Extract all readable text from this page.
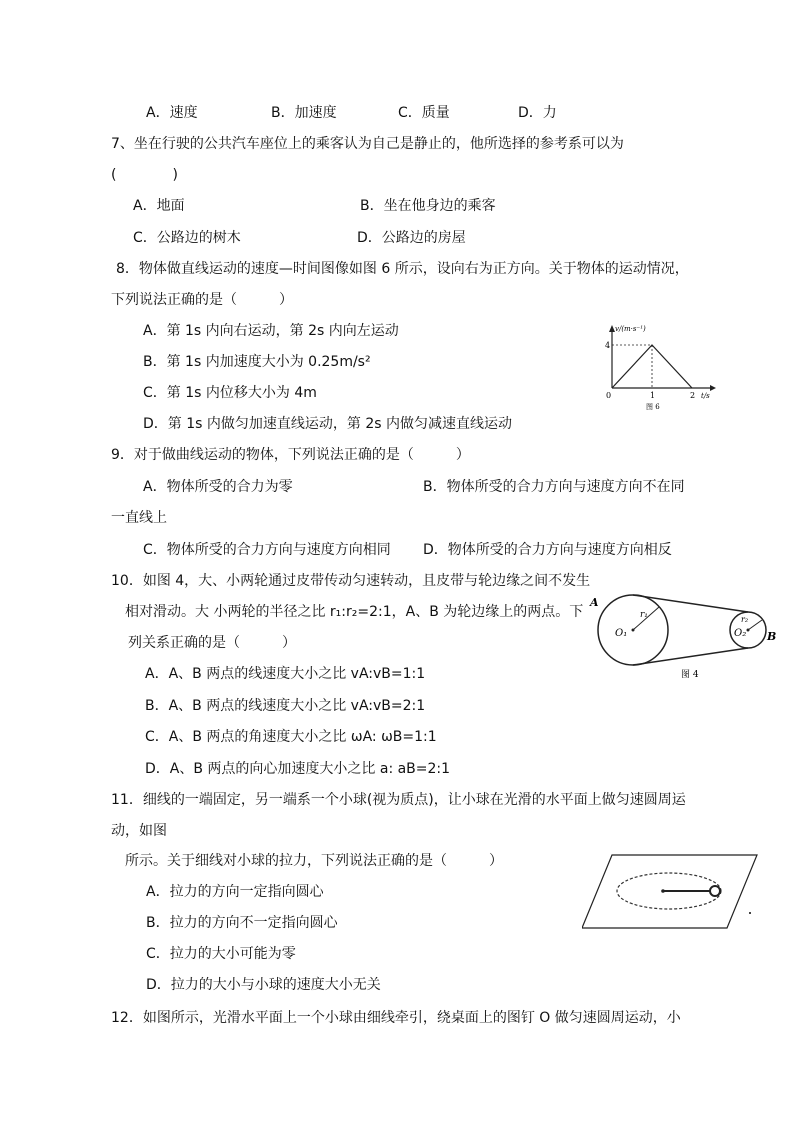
A．速度	B．加速度	C．质量	D．力
7、坐在行驶的公共汽车座位上的乘客认为自己是静止的，他所选择的参考系可以为
(　　　　)
A．地面	B．坐在他身边的乘客
C．公路边的树木	D．公路边的房屋
8．物体做直线运动的速度—时间图像如图 6 所示，设向右为正方向。关于物体的运动情况，
下列说法正确的是（　　　）
A．第 1s 内向右运动，第 2s 内向左运动
B．第 1s 内加速度大小为 0.25m/s²
C．第 1s 内位移大小为 4m
D．第 1s 内做匀加速直线运动，第 2s 内做匀减速直线运动
v/(m·s⁻¹)
4
0	1	2 t/s
图 6
9．对于做曲线运动的物体，下列说法正确的是（　　　）
A．物体所受的合力为零	B．物体所受的合力方向与速度方向不在同
一直线上
C．物体所受的合力方向与速度方向相同 D．物体所受的合力方向与速度方向相反
10．如图 4，大、小两轮通过皮带传动匀速转动，且皮带与轮边缘之间不发生
相对滑动。大 小两轮的半径之比 r₁:r₂=2:1，A、B 为轮边缘上的两点。下
列关系正确的是（　　　）
A．A、B 两点的线速度大小之比 vA:vB=1:1
B．A、B 两点的线速度大小之比 vA:vB=2:1
C．A、B 两点的角速度大小之比 ωA: ωB=1:1
D．A、B 两点的向心加速度大小之比 a: aB=2:1
A
B
O₁	O₂
r₁	r₂
图 4
11．细线的一端固定，另一端系一个小球(视为质点)，让小球在光滑的水平面上做匀速圆周运
动，如图
所示。关于细线对小球的拉力，下列说法正确的是（　　　）
A．拉力的方向一定指向圆心
B．拉力的方向不一定指向圆心
C．拉力的大小可能为零
D．拉力的大小与小球的速度大小无关
12．如图所示，光滑水平面上一个小球由细线牵引，绕桌面上的图钉 O 做匀速圆周运动，小
